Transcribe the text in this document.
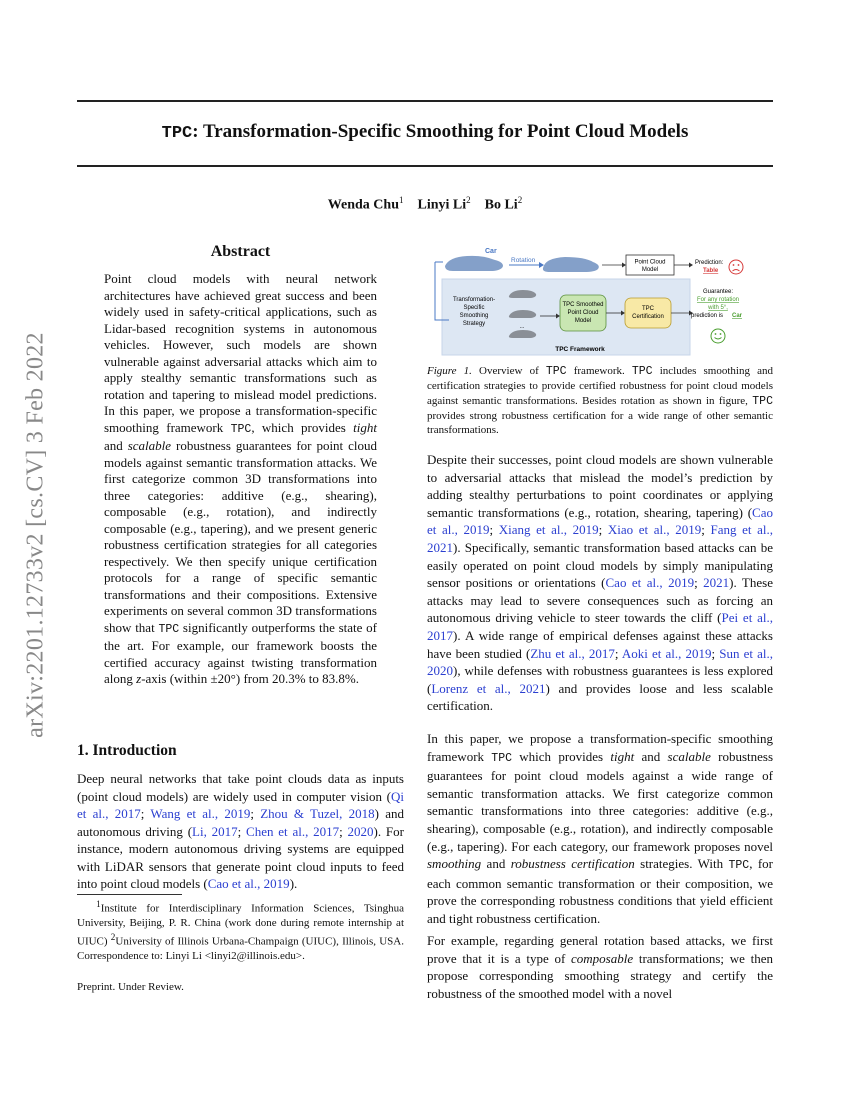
TPC: Transformation-Specific Smoothing for Point Cloud Models
Wenda Chu$^1$ Linyi Li$^2$ Bo Li$^2$
arXiv:2201.12733v2 [cs.CV] 3 Feb 2022
Abstract
Point cloud models with neural network architectures have achieved great success and been widely used in safety-critical applications, such as Lidar-based recognition systems in autonomous vehicles. However, such models are shown vulnerable against adversarial attacks which aim to apply stealthy semantic transformations such as rotation and tapering to mislead model predictions. In this paper, we propose a transformation-specific smoothing framework TPC, which provides tight and scalable robustness guarantees for point cloud models against semantic transformation attacks. We first categorize common 3D transformations into three categories: additive (e.g., shearing), composable (e.g., rotation), and indirectly composable (e.g., tapering), and we present generic robustness certification strategies for all categories respectively. We then specify unique certification protocols for a range of specific semantic transformations and their compositions. Extensive experiments on several common 3D transformations show that TPC significantly outperforms the state of the art. For example, our framework boosts the certified accuracy against twisting transformation along z-axis (within ±20°) from 20.3% to 83.8%.
1. Introduction
Deep neural networks that take point clouds data as inputs (point cloud models) are widely used in computer vision (Qi et al., 2017; Wang et al., 2019; Zhou & Tuzel, 2018) and autonomous driving (Li, 2017; Chen et al., 2017; 2020). For instance, modern autonomous driving systems are equipped with LiDAR sensors that generate point cloud inputs to feed into point cloud models (Cao et al., 2019).
$^1$Institute for Interdisciplinary Information Sciences, Tsinghua University, Beijing, P. R. China (work done during remote internship at UIUC) $^2$University of Illinois Urbana-Champaign (UIUC), Illinois, USA. Correspondence to: Linyi Li <linyi2@illinois.edu>.
Preprint. Under Review.
Car
Rotation	Point Cloud
Model
Prediction:
Table
Transformation-
Specific
Smoothing
Strategy	...
TPC Smoothed
Point Cloud
Model
TPC
Certification
Guarantee:
For any rotation
with 5°,
prediction is Car
TPC Framework
Figure 1. Overview of TPC framework. TPC includes smoothing and certification strategies to provide certified robustness for point cloud models against semantic transformations. Besides rotation as shown in figure, TPC provides strong robustness certification for a wide range of other semantic transformations.
Despite their successes, point cloud models are shown vulnerable to adversarial attacks that mislead the model’s prediction by adding stealthy perturbations to point coordinates or applying semantic transformations (e.g., rotation, shearing, tapering) (Cao et al., 2019; Xiang et al., 2019; Xiao et al., 2019; Fang et al., 2021). Specifically, semantic transformation based attacks can be easily operated on point cloud models by simply manipulating sensor positions or orientations (Cao et al., 2019; 2021). These attacks may lead to severe consequences such as forcing an autonomous driving vehicle to steer towards the cliff (Pei et al., 2017). A wide range of empirical defenses against these attacks have been studied (Zhu et al., 2017; Aoki et al., 2019; Sun et al., 2020), while defenses with robustness guarantees is less explored (Lorenz et al., 2021) and provides loose and less scalable certification.
In this paper, we propose a transformation-specific smoothing framework TPC which provides tight and scalable robustness guarantees for point cloud models against a wide range of semantic transformation attacks. We first categorize common semantic transformations into three categories: additive (e.g., shearing), composable (e.g., rotation), and indirectly composable (e.g., tapering). For each category, our framework proposes novel smoothing and robustness certification strategies. With TPC, for each common semantic transformation or their composition, we prove the corresponding robustness conditions that yield efficient and tight robustness certification.
For example, regarding general rotation based attacks, we first prove that it is a type of composable transformations; we then propose corresponding smoothing strategy and certify the robustness of the smoothed model with a novel
